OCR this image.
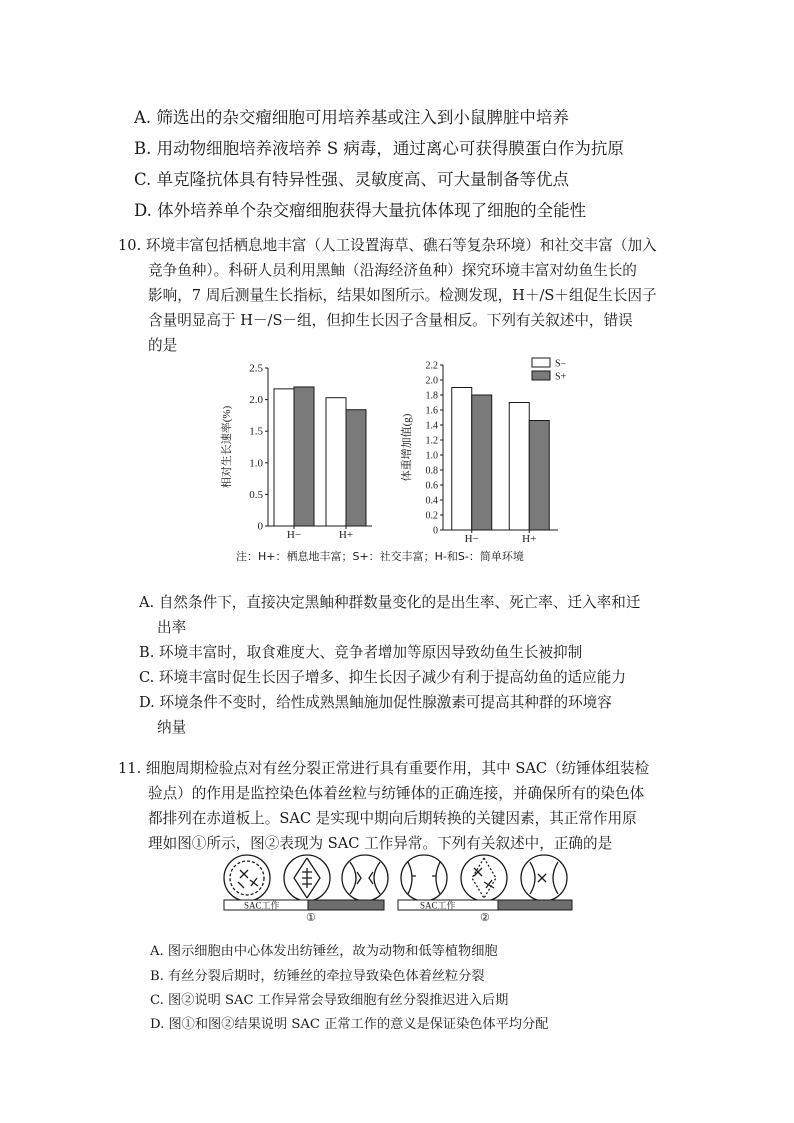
A. 筛选出的杂交瘤细胞可用培养基或注入到小鼠脾脏中培养
B. 用动物细胞培养液培养 S 病毒，通过离心可获得膜蛋白作为抗原
C. 单克隆抗体具有特异性强、灵敏度高、可大量制备等优点
D. 体外培养单个杂交瘤细胞获得大量抗体体现了细胞的全能性
10. 环境丰富包括栖息地丰富（人工设置海草、礁石等复杂环境）和社交丰富（加入
竞争鱼种）。科研人员利用黑鲉（沿海经济鱼种）探究环境丰富对幼鱼生长的
影响，7 周后测量生长指标，结果如图所示。检测发现，H＋/S＋组促生长因子
含量明显高于 H－/S－组，但抑生长因子含量相反。下列有关叙述中，错误
的是
0
0.5
1.0
1.5
2.0
2.5
H−	H+
相对生长速率(%)
0
0.2
0.4
0.6
0.8
1.0
1.2
1.4
1.6
1.8
2.0
2.2
H−	H+
体重增加值(g)
S−
S+
注：H+：栖息地丰富；S+：社交丰富；H-和S-：简单环境
A. 自然条件下，直接决定黑鲉种群数量变化的是出生率、死亡率、迁入率和迁
出率
B. 环境丰富时，取食难度大、竞争者增加等原因导致幼鱼生长被抑制
C. 环境丰富时促生长因子增多、抑生长因子减少有利于提高幼鱼的适应能力
D. 环境条件不变时，给性成熟黑鲉施加促性腺激素可提高其种群的环境容
纳量
11. 细胞周期检验点对有丝分裂正常进行具有重要作用，其中 SAC（纺锤体组装检
验点）的作用是监控染色体着丝粒与纺锤体的正确连接，并确保所有的染色体
都排列在赤道板上。SAC 是实现中期向后期转换的关键因素，其正常作用原
理如图①所示，图②表现为 SAC 工作异常。下列有关叙述中，正确的是
SAC工作
①
SAC工作
②
A. 图示细胞由中心体发出纺锤丝，故为动物和低等植物细胞
B. 有丝分裂后期时，纺锤丝的牵拉导致染色体着丝粒分裂
C. 图②说明 SAC 工作异常会导致细胞有丝分裂推迟进入后期
D. 图①和图②结果说明 SAC 正常工作的意义是保证染色体平均分配
